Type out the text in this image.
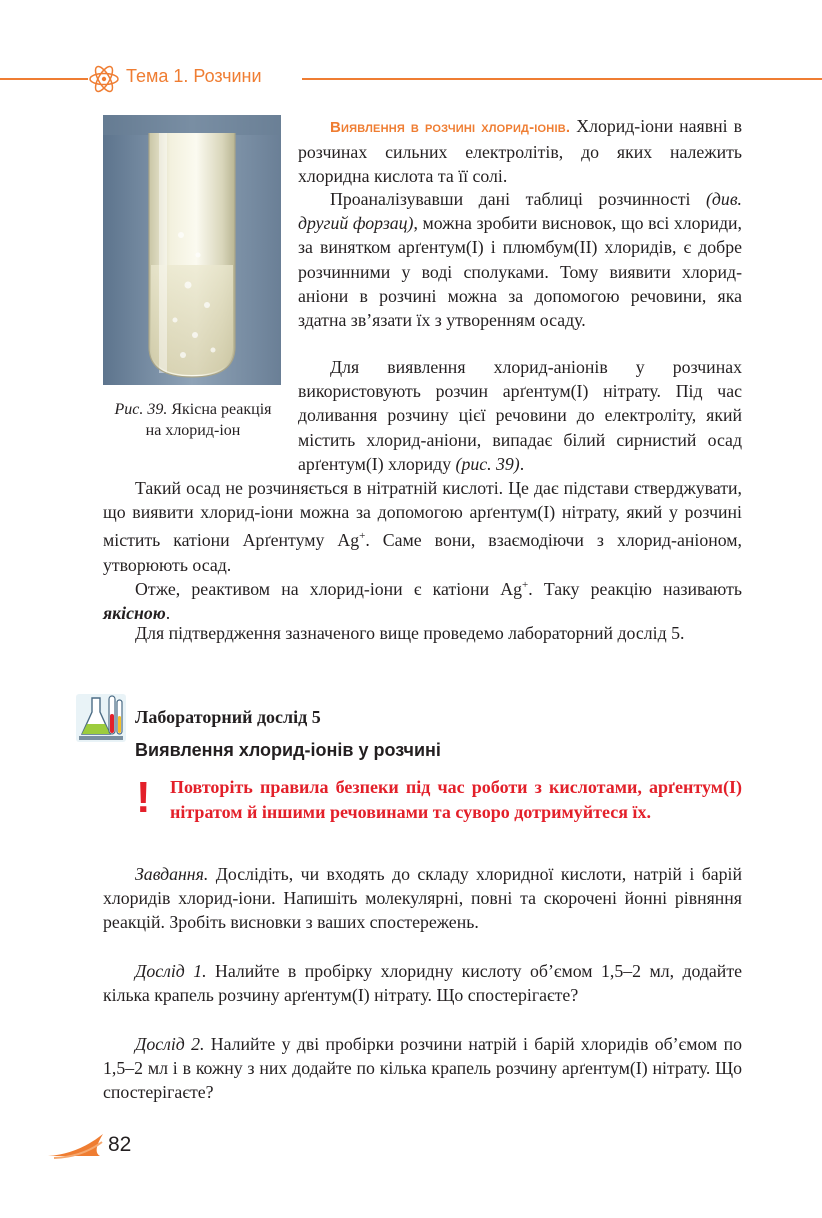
Тема 1. Розчини
Рис. 39. Якісна реакція на хлорид-іон

Виявлення в розчині хлорид-іонів. Хлорид-іони наявні в розчинах сильних електролітів, до яких належить хлоридна кислота та її солі.

Проаналізувавши дані таблиці розчинності (див. другий форзац), можна зробити висновок, що всі хлориди, за винятком арґентум(І) і плюмбум(ІІ) хлоридів, є добре розчинними у воді сполуками. Тому виявити хлорид-аніони в розчині можна за допомогою речовини, яка здатна зв’язати їх з утворенням осаду.

Для виявлення хлорид-аніонів у розчинах використовують розчин арґентум(І) нітрату. Під час доливання розчину цієї речовини до електроліту, який містить хлорид-аніони, випадає білий сирнистий осад арґентум(І) хлориду (рис. 39).

Такий осад не розчиняється в нітратній кислоті. Це дає підстави стверджувати, що виявити хлорид-іони можна за допомогою арґентум(І) нітрату, який у розчині містить катіони Арґентуму Ag+. Саме вони, взаємодіючи з хлорид-аніоном, утворюють осад.

Отже, реактивом на хлорид-іони є катіони Ag+. Таку реакцію називають якісною.

Для підтвердження зазначеного вище проведемо лабораторний дослід 5.

Лабораторний дослід 5
Виявлення хлорид-іонів у розчині
! Повторіть правила безпеки під час роботи з кислотами, арґентум(І) нітратом й іншими речовинами та суворо дотримуйтеся їх.

Завдання. Дослідіть, чи входять до складу хлоридної кислоти, натрій і барій хлоридів хлорид-іони. Напишіть молекулярні, повні та скорочені йонні рівняння реакцій. Зробіть висновки з ваших спостережень.

Дослід 1. Налийте в пробірку хлоридну кислоту об’ємом 1,5–2 мл, додайте кілька крапель розчину арґентум(І) нітрату. Що спостерігаєте?

Дослід 2. Налийте у дві пробірки розчини натрій і барій хлоридів об’ємом по 1,5–2 мл і в кожну з них додайте по кілька крапель розчину арґентум(І) нітрату. Що спостерігаєте?

82
